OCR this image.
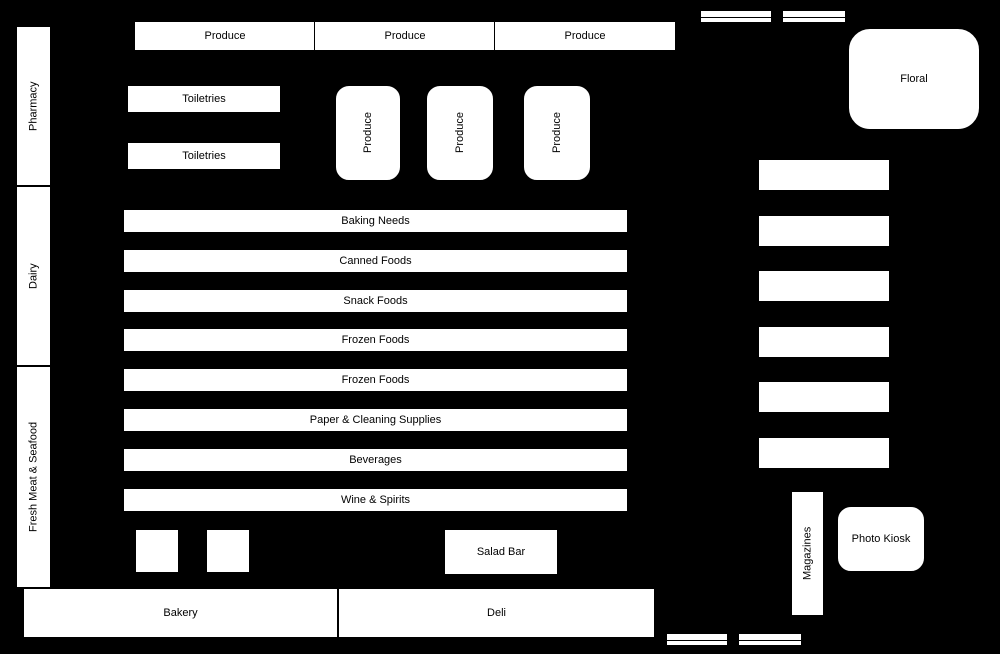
Pharmacy
Dairy
Fresh Meat & Seafood
Produce	Produce	Produce
Toiletries
Toiletries
Produce	Produce	Produce
Baking Needs
Canned Foods
Snack Foods
Frozen Foods
Frozen Foods
Paper & Cleaning Supplies
Beverages
Wine & Spirits
Salad Bar
Bakery	Deli
Floral
Magazines	Photo Kiosk
